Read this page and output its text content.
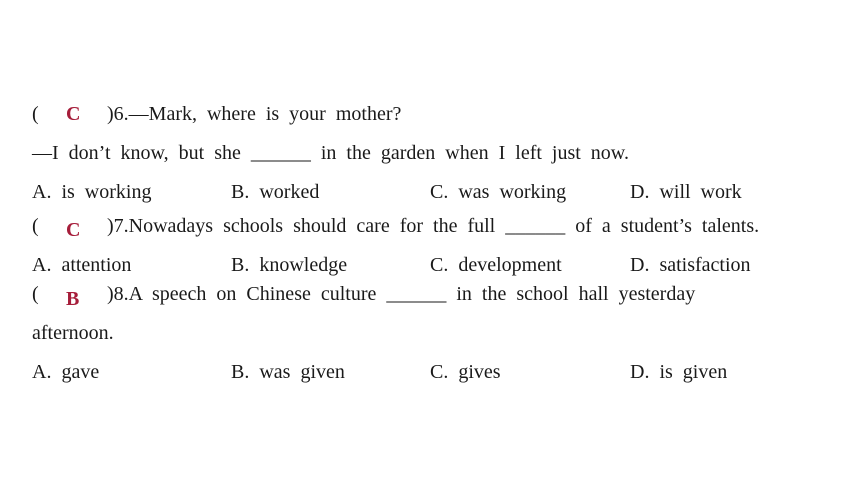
( C )6.—Mark,  where  is  your  mother?
—I  don’t  know,  but  she  ______  in  the  garden  when  I  left  just  now.
A.  is  working	B.  worked	C.  was  working	D.  will  work
( C )7.Nowadays  schools  should  care  for  the  full  ______  of  a  student’s  talents.
A.  attention	B.  knowledge	C.  development	D.  satisfaction
( B )8.A  speech  on  Chinese  culture  ______  in  the  school  hall  yesterday
afternoon.
A.  gave	B.  was  given	C.  gives	D.  is  given
